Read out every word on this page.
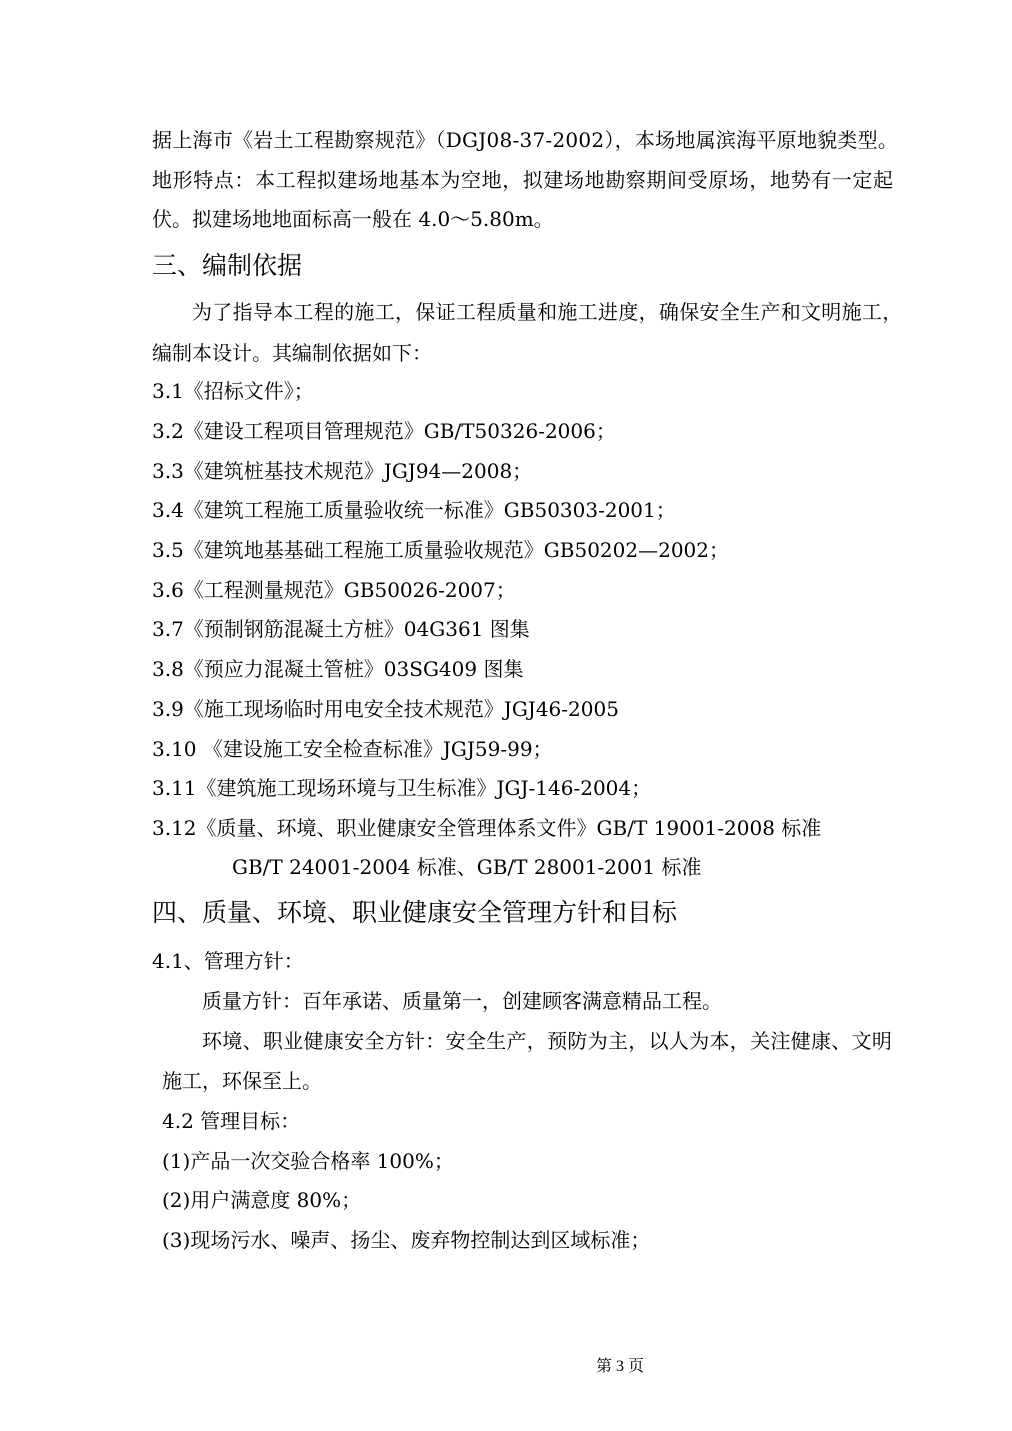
据上海市《岩土工程勘察规范》（DGJ08-37-2002），本场地属滨海平原地貌类型。
地形特点：本工程拟建场地基本为空地，拟建场地勘察期间受原场，地势有一定起
伏。拟建场地地面标高一般在 4.0～5.80m。
三、编制依据
为了指导本工程的施工，保证工程质量和施工进度，确保安全生产和文明施工，
编制本设计。其编制依据如下：
3.1《招标文件》；
3.2《建设工程项目管理规范》GB/T50326-2006；
3.3《建筑桩基技术规范》JGJ94—2008；
3.4《建筑工程施工质量验收统一标准》GB50303-2001；
3.5《建筑地基基础工程施工质量验收规范》GB50202—2002；
3.6《工程测量规范》GB50026-2007；
3.7《预制钢筋混凝土方桩》04G361 图集
3.8《预应力混凝土管桩》03SG409 图集
3.9《施工现场临时用电安全技术规范》JGJ46-2005
3.10 《建设施工安全检查标准》JGJ59-99；
3.11《建筑施工现场环境与卫生标准》JGJ-146-2004；
3.12《质量、环境、职业健康安全管理体系文件》GB/T 19001-2008 标准
GB/T 24001-2004 标准、GB/T 28001-2001 标准
四、质量、环境、职业健康安全管理方针和目标
4.1、管理方针：
质量方针：百年承诺、质量第一，创建顾客满意精品工程。
环境、职业健康安全方针：安全生产，预防为主，以人为本，关注健康、文明
施工，环保至上。
4.2 管理目标：
(1)产品一次交验合格率 100%；
(2)用户满意度 80%；
(3)现场污水、噪声、扬尘、废弃物控制达到区域标准；
第 3 页
